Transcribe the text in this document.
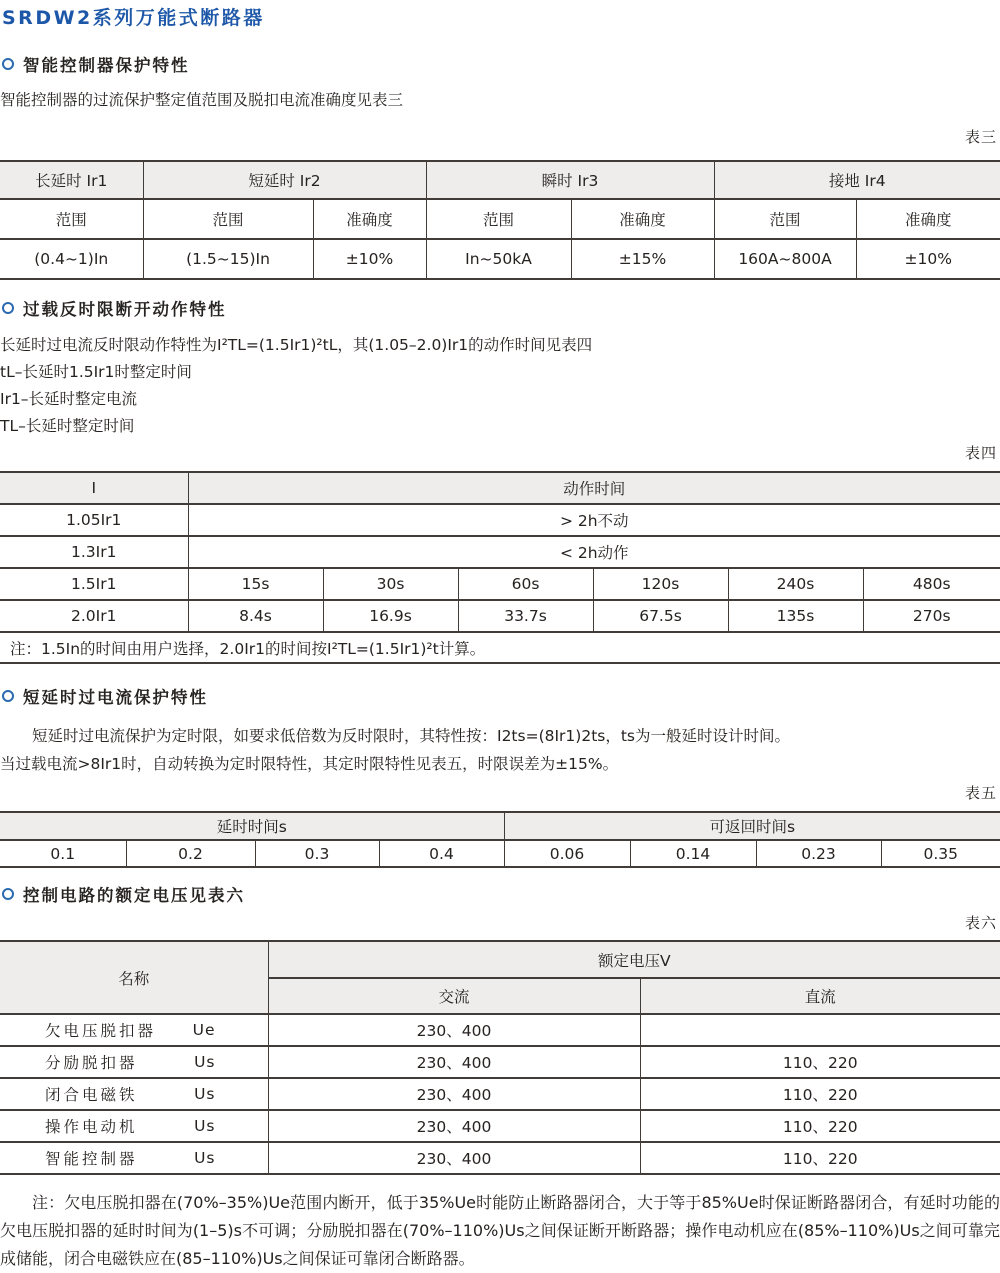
SRDW2系列万能式断路器
智能控制器保护特性

智能控制器的过流保护整定值范围及脱扣电流准确度见表三

表三
长延时 Ir1	短延时 Ir2		瞬时 Ir3		接地 Ir4	
范围	范围	准确度	范围	准确度	范围	准确度
(0.4~1)In	(1.5~15)In	±10%	In~50kA	±15%	160A~800A	±10%
过载反时限断开动作特性

长延时过电流反时限动作特性为I²TL=(1.5Ir1)²tL，其(1.05–2.0)Ir1的动作时间见表四

tL–长延时1.5Ir1时整定时间

Ir1–长延时整定电流

TL–长延时整定时间

表四
I	动作时间					
1.05Ir1	> 2h不动					
1.3Ir1	< 2h动作					
1.5Ir1	15s	30s	60s	120s	240s	480s
2.0Ir1	8.4s	16.9s	33.7s	67.5s	135s	270s
注：1.5In的时间由用户选择，2.0Ir1的时间按I²TL=(1.5Ir1)²t计算。						
短延时过电流保护特性

短延时过电流保护为定时限，如要求低倍数为反时限时，其特性按：I2ts=(8Ir1)2ts，ts为一般延时设计时间。

当过载电流>8Ir1时，自动转换为定时限特性，其定时限特性见表五，时限误差为±15%。

表五
延时时间s				可返回时间s			
0.1	0.2	0.3	0.4	0.06	0.14	0.23	0.35
控制电路的额定电压见表六
表六
名称	额定电压V	
	交流	直流

欠电压脱扣器 Ue	230、400	

分励脱扣器 Us	230、400	110、220

闭合电磁铁 Us	230、400	110、220

操作电动机 Us	230、400	110、220

智能控制器 Us	230、400	110、220

注：欠电压脱扣器在(70%–35%)Ue范围内断开，低于35%Ue时能防止断路器闭合，大于等于85%Ue时保证断路器闭合，有延时功能的欠电压脱扣器的延时时间为(1–5)s不可调；分励脱扣器在(70%–110%)Us之间保证断开断路器；操作电动机应在(85%–110%)Us之间可靠完成储能，闭合电磁铁应在(85–110%)Us之间保证可靠闭合断路器。
